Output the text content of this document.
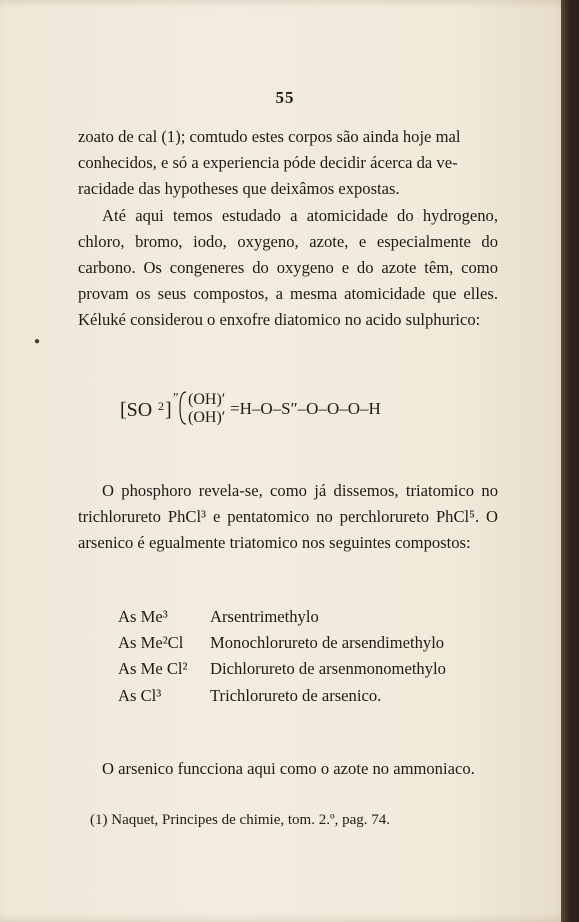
●
55

zoato de cal (1); comtudo estes corpos são ainda hoje mal

conhecidos, e só a experiencia póde decidir ácerca da ve-

racidade das hypotheses que deixâmos expostas.

Até aqui temos estudado a atomicidade do hydrogeno, chloro, bromo, iodo, oxygeno, azote, e especialmente do carbono. Os congeneres do oxygeno e do azote têm, como provam os seus compostos, a mesma atomicidade que elles. Kéluké considerou o enxofre diatomico no acido sulphurico:

[SO 2 ]
″ (OH)′
(OH)′ =H–O–S″–O–O–O–H

O phosphoro revela-se, como já dissemos, triatomico no trichlorureto PhCl³ e pentatomico no perchlorureto PhCl⁵. O arsenico é egualmente triatomico nos seguintes compostos:

As Me³	Arsentrimethylo
As Me²Cl	Monochlorureto de arsendimethylo
As Me Cl²	Dichlorureto de arsenmonomethylo
As Cl³	Trichlorureto de arsenico.
O arsenico funcciona aqui como o azote no ammoniaco.
(1) Naquet, Principes de chimie, tom. 2.º, pag. 74.
